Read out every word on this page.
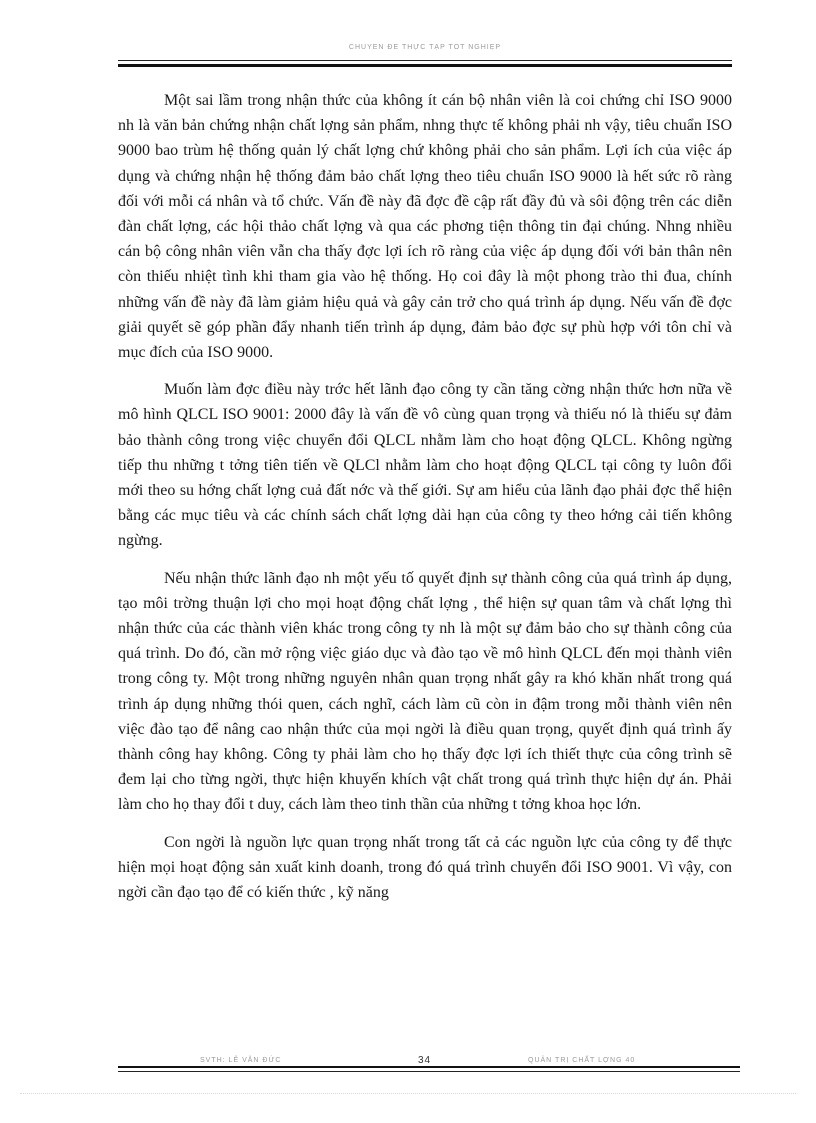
CHUYÊN ĐỀ THỰC TẬP TỐT NGHIỆP

Một sai lầm trong nhận thức của không ít cán bộ nhân viên là coi chứng chỉ ISO 9000 nh là văn bản chứng nhận chất lợng sản phẩm, nhng thực tế không phải nh vậy, tiêu chuẩn ISO 9000 bao trùm hệ thống quản lý chất lợng chứ không phải cho sản phẩm. Lợi ích của việc áp dụng và chứng nhận hệ thống đảm bảo chất lợng theo tiêu chuẩn ISO 9000 là hết sức rõ ràng đối với mỗi cá nhân và tổ chức. Vấn đề này đã đợc đề cập rất đầy đủ và sôi động trên các diễn đàn chất lợng, các hội thảo chất lợng và qua các phơng tiện thông tin đại chúng. Nhng nhiều cán bộ công nhân viên vẫn cha thấy đợc lợi ích rõ ràng của việc áp dụng đối với bản thân nên còn thiếu nhiệt tình khi tham gia vào hệ thống. Họ coi đây là một phong trào thi đua, chính những vấn đề này đã làm giảm hiệu quả và gây cản trở cho quá trình áp dụng. Nếu vấn đề đợc giải quyết sẽ góp phần đẩy nhanh tiến trình áp dụng, đảm bảo đợc sự phù hợp với tôn chỉ và mục đích của ISO 9000.

Muốn làm đợc điều này trớc hết lãnh đạo công ty cần tăng cờng nhận thức hơn nữa về mô hình QLCL ISO 9001: 2000 đây là vấn đề vô cùng quan trọng và thiếu nó là thiếu sự đảm bảo thành công trong việc chuyển đổi QLCL nhằm làm cho hoạt động QLCL. Không ngừng tiếp thu những t tởng tiên tiến về QLCl nhằm làm cho hoạt động QLCL tại công ty luôn đổi mới theo su hớng chất lợng cuả đất nớc và thế giới. Sự am hiểu của lãnh đạo phải đợc thể hiện bằng các mục tiêu và các chính sách chất lợng dài hạn của công ty theo hớng cải tiến không ngừng.

Nếu nhận thức lãnh đạo nh một yếu tố quyết định sự thành công của quá trình áp dụng, tạo môi trờng thuận lợi cho mọi hoạt động chất lợng , thể hiện sự quan tâm và chất lợng thì nhận thức của các thành viên khác trong công ty nh là một sự đảm bảo cho sự thành công của quá trình. Do đó, cần mở rộng việc giáo dục và đào tạo về mô hình QLCL đến mọi thành viên trong công ty. Một trong những nguyên nhân quan trọng nhất gây ra khó khăn nhất trong quá trình áp dụng những thói quen, cách nghĩ, cách làm cũ còn in đậm trong mỗi thành viên nên việc đào tạo để nâng cao nhận thức của mọi ngời là điều quan trọng, quyết định quá trình ấy thành công hay không. Công ty phải làm cho họ thấy đợc lợi ích thiết thực của công trình sẽ đem lại cho từng ngời, thực hiện khuyến khích vật chất trong quá trình thực hiện dự án. Phải làm cho họ thay đổi t duy, cách làm theo tinh thần của những t tởng khoa học lớn.

Con ngời là nguồn lực quan trọng nhất trong tất cả các nguồn lực của công ty để thực hiện mọi hoạt động sản xuất kinh doanh, trong đó quá trình chuyển đổi ISO 9001. Vì vậy, con ngời cần đạo tạo để có kiến thức , kỹ năng

SVTH: LÊ VĂN ĐỨC	34	QUẢN TRỊ CHẤT LỢNG 40
